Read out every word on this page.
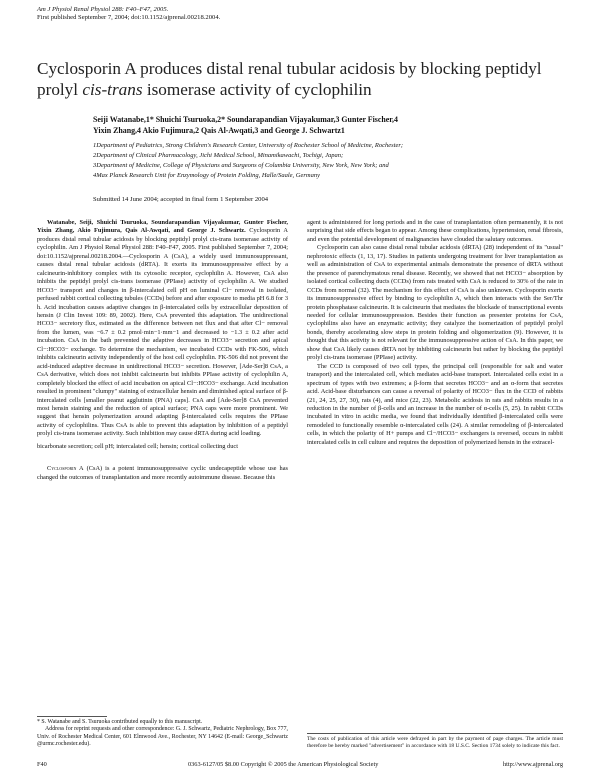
Am J Physiol Renal Physiol 288: F40–F47, 2005.
First published September 7, 2004; doi:10.1152/ajprenal.00218.2004.
Cyclosporin A produces distal renal tubular acidosis by blocking peptidyl
prolyl cis-trans isomerase activity of cyclophilin

Seiji Watanabe,1* Shuichi Tsuruoka,2* Soundarapandian Vijayakumar,3 Gunter Fischer,4

Yixin Zhang,4 Akio Fujimura,2 Qais Al-Awqati,3 and George J. Schwartz1

1Department of Pediatrics, Strong Children's Research Center, University of Rochester School of Medicine, Rochester;

2Department of Clinical Pharmacology, Jichi Medical School, Minamikawachi, Tochigi, Japan;

3Department of Medicine, College of Physicians and Surgeons of Columbia University, New York, New York; and

4Max Planck Research Unit for Enzymology of Protein Folding, Halle/Saale, Germany

Submitted 14 June 2004; accepted in final form 1 September 2004

Watanabe, Seiji, Shuichi Tsuruoka, Soundarapandian Vijayakumar, Gunter Fischer, Yixin Zhang, Akio Fujimura, Qais Al-Awqati, and George J. Schwartz. Cyclosporin A produces distal renal tubular acidosis by blocking peptidyl prolyl cis-trans isomerase activity of cyclophilin. Am J Physiol Renal Physiol 288: F40–F47, 2005. First published September 7, 2004; doi:10.1152/ajprenal.00218.2004.—Cyclosporin A (CsA), a widely used immunosuppressant, causes distal renal tubular acidosis (dRTA). It exerts its immunosuppressive effect by a calcineurin-inhibitory complex with its cytosolic receptor, cyclophilin A. However, CsA also inhibits the peptidyl prolyl cis-trans isomerase (PPIase) activity of cyclophilin A. We studied HCO3− transport and changes in β-intercalated cell pH on luminal Cl− removal in isolated, perfused rabbit cortical collecting tubules (CCDs) before and after exposure to media pH 6.8 for 3 h. Acid incubation causes adaptive changes in β-intercalated cells by extracellular deposition of hensin (J Clin Invest 109: 89, 2002). Here, CsA prevented this adaptation. The unidirectional HCO3− secretory flux, estimated as the difference between net flux and that after Cl− removal from the lumen, was −6.7 ± 0.2 pmol·min−1·mm−1 and decreased to −1.3 ± 0.2 after acid incubation. CsA in the bath prevented the adaptive decreases in HCO3− secretion and apical Cl−:HCO3− exchange. To determine the mechanism, we incubated CCDs with FK-506, which inhibits calcineurin activity independently of the host cell cyclophilin. FK-506 did not prevent the acid-induced adaptive decrease in unidirectional HCO3− secretion. However, [Ade-Ser]8 CsA, a CsA derivative, which does not inhibit calcineurin but inhibits PPIase activity of cyclophilin A, completely blocked the effect of acid incubation on apical Cl−:HCO3− exchange. Acid incubation resulted in prominent "clumpy" staining of extracellular hensin and diminished apical surface of β-intercalated cells [smaller peanut agglutinin (PNA) caps]. CsA and [Ade-Ser]8 CsA prevented most hensin staining and the reduction of apical surface; PNA caps were more prominent. We suggest that hensin polymerization around adapting β-intercalated cells requires the PPIase activity of cyclophilins. Thus CsA is able to prevent this adaptation by inhibition of a peptidyl prolyl cis-trans isomerase activity. Such inhibition may cause dRTA during acid loading.

bicarbonate secretion; cell pH; intercalated cell; hensin; cortical collecting duct

Cyclosporin A (CsA) is a potent immunosuppressive cyclic undecapeptide whose use has changed the outcomes of transplantation and more recently autoimmune disease. Because this

agent is administered for long periods and in the case of transplantation often permanently, it is not surprising that side effects began to appear. Among these complications, hypertension, renal fibrosis, and even the potential development of malignancies have clouded the salutary outcomes.

Cyclosporin can also cause distal renal tubular acidosis (dRTA) (28) independent of its "usual" nephrotoxic effects (1, 13, 17). Studies in patients undergoing treatment for liver transplantation as well as administration of CsA to experimental animals demonstrate the presence of dRTA without the presence of parenchymatous renal disease. Recently, we showed that net HCO3− absorption by isolated cortical collecting ducts (CCDs) from rats treated with CsA is reduced to 30% of the rate in CCDs from normal (32). The mechanism for this effect of CsA is also unknown. Cyclosporin exerts its immunosuppressive effect by binding to cyclophilin A, which then interacts with the Ser/Thr protein phosphatase calcineurin. It is calcineurin that mediates the blockade of transcriptional events needed for cellular immunosuppression. Besides their function as presenter proteins for CsA, cyclophilins also have an enzymatic activity; they catalyze the isomerization of peptidyl prolyl bonds, thereby accelerating slow steps in protein folding and oligomerization (9). However, it is thought that this activity is not relevant for the immunosuppressive action of CsA. In this paper, we show that CsA likely causes dRTA not by inhibiting calcineurin but rather by blocking the peptidyl prolyl cis-trans isomerase (PPIase) activity.

The CCD is composed of two cell types, the principal cell (responsible for salt and water transport) and the intercalated cell, which mediates acid-base transport. Intercalated cells exist in a spectrum of types with two extremes; a β-form that secretes HCO3− and an α-form that secretes acid. Acid-base disturbances can cause a reversal of polarity of HCO3− flux in the CCD of rabbits (21, 24, 25, 27, 30), rats (4), and mice (22, 23). Metabolic acidosis in rats and rabbits results in a reduction in the number of β-cells and an increase in the number of α-cells (5, 25). In rabbit CCDs incubated in vitro in acidic media, we found that individually identified β-intercalated cells were remodeled to functionally resemble α-intercalated cells (24). A similar remodeling of β-intercalated cells, in which the polarity of H+ pumps and Cl−/HCO3− exchangers is reversed, occurs in rabbit intercalated cells in cell culture and requires the deposition of polymerized hensin in the extracel-

* S. Watanabe and S. Tsuruoka contributed equally to this manuscript.
Address for reprint requests and other correspondence: G. J. Schwartz, Pediatric Nephrology, Box 777, Univ. of Rochester Medical Center, 601 Elmwood Ave., Rochester, NY 14642 (E-mail: George_Schwartz @urmc.rochester.edu).
The costs of publication of this article were defrayed in part by the payment of page charges. The article must therefore be hereby marked "advertisement" in accordance with 18 U.S.C. Section 1734 solely to indicate this fact.
F40	0363-6127/05 $8.00 Copyright © 2005 the American Physiological Society	http://www.ajprenal.org
